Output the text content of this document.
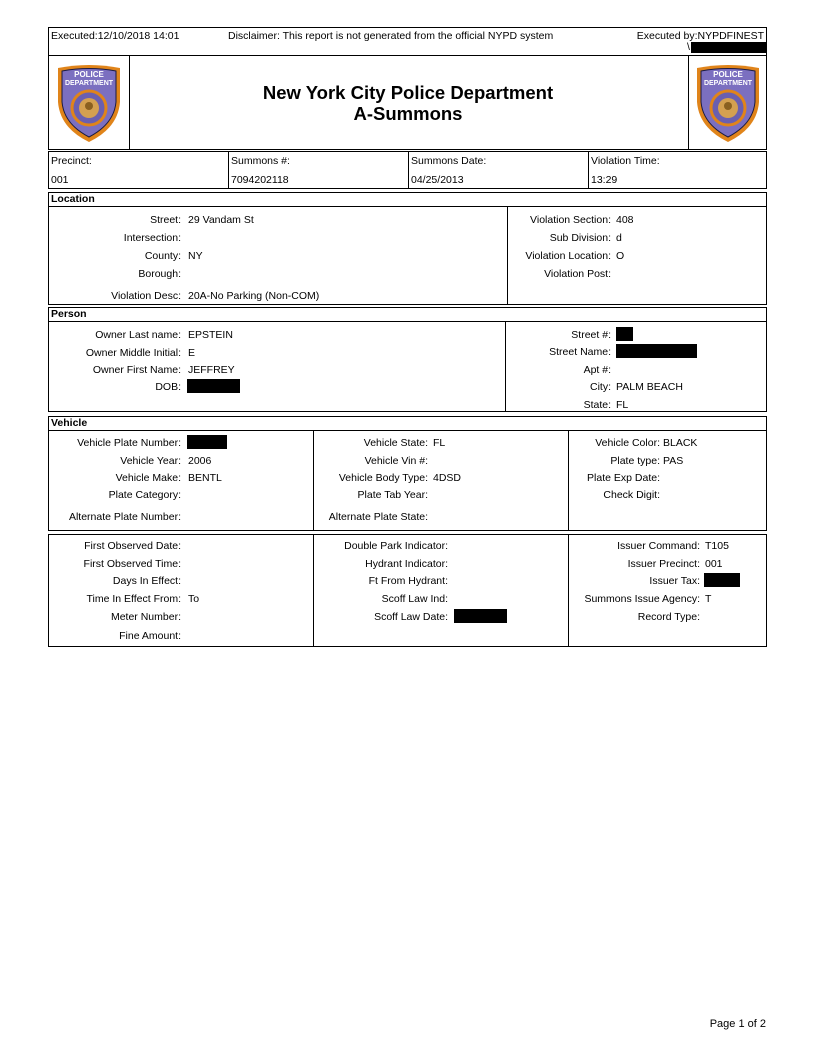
Executed:12/10/2018 14:01	Disclaimer: This report is not generated from the official NYPD system	Executed by:NYPDFINEST
\
POLICE
DEPARTMENT
POLICE
DEPARTMENT
New York City Police Department
A-Summons
Precinct:
001
Summons #:
7094202118
Summons Date:
04/25/2013
Violation Time:
13:29
Location
Street: 29 Vandam St
Intersection:
County: NY
Borough:
Violation Desc: 20A-No Parking (Non-COM)
Violation Section: 408
Sub Division: d
Violation Location: O
Violation Post:
Person
Owner Last name: EPSTEIN
Owner Middle Initial: E
Owner First Name: JEFFREY
DOB:
Street #:
Street Name:
Apt #:
City: PALM BEACH
State: FL
Vehicle
Vehicle Plate Number:
Vehicle Year: 2006
Vehicle Make: BENTL
Plate Category:
Alternate Plate Number:
Vehicle State: FL
Vehicle Vin #:
Vehicle Body Type: 4DSD
Plate Tab Year:
Alternate Plate State:
Vehicle Color: BLACK
Plate type: PAS
Plate Exp Date:
Check Digit:
First Observed Date:
First Observed Time:
Days In Effect:
Time In Effect From: To
Meter Number:
Fine Amount:
Double Park Indicator:
Hydrant Indicator:
Ft From Hydrant:
Scoff Law Ind:
Scoff Law Date:
Issuer Command: T105
Issuer Precinct: 001
Issuer Tax:
Summons Issue Agency: T
Record Type:
Page 1 of 2
